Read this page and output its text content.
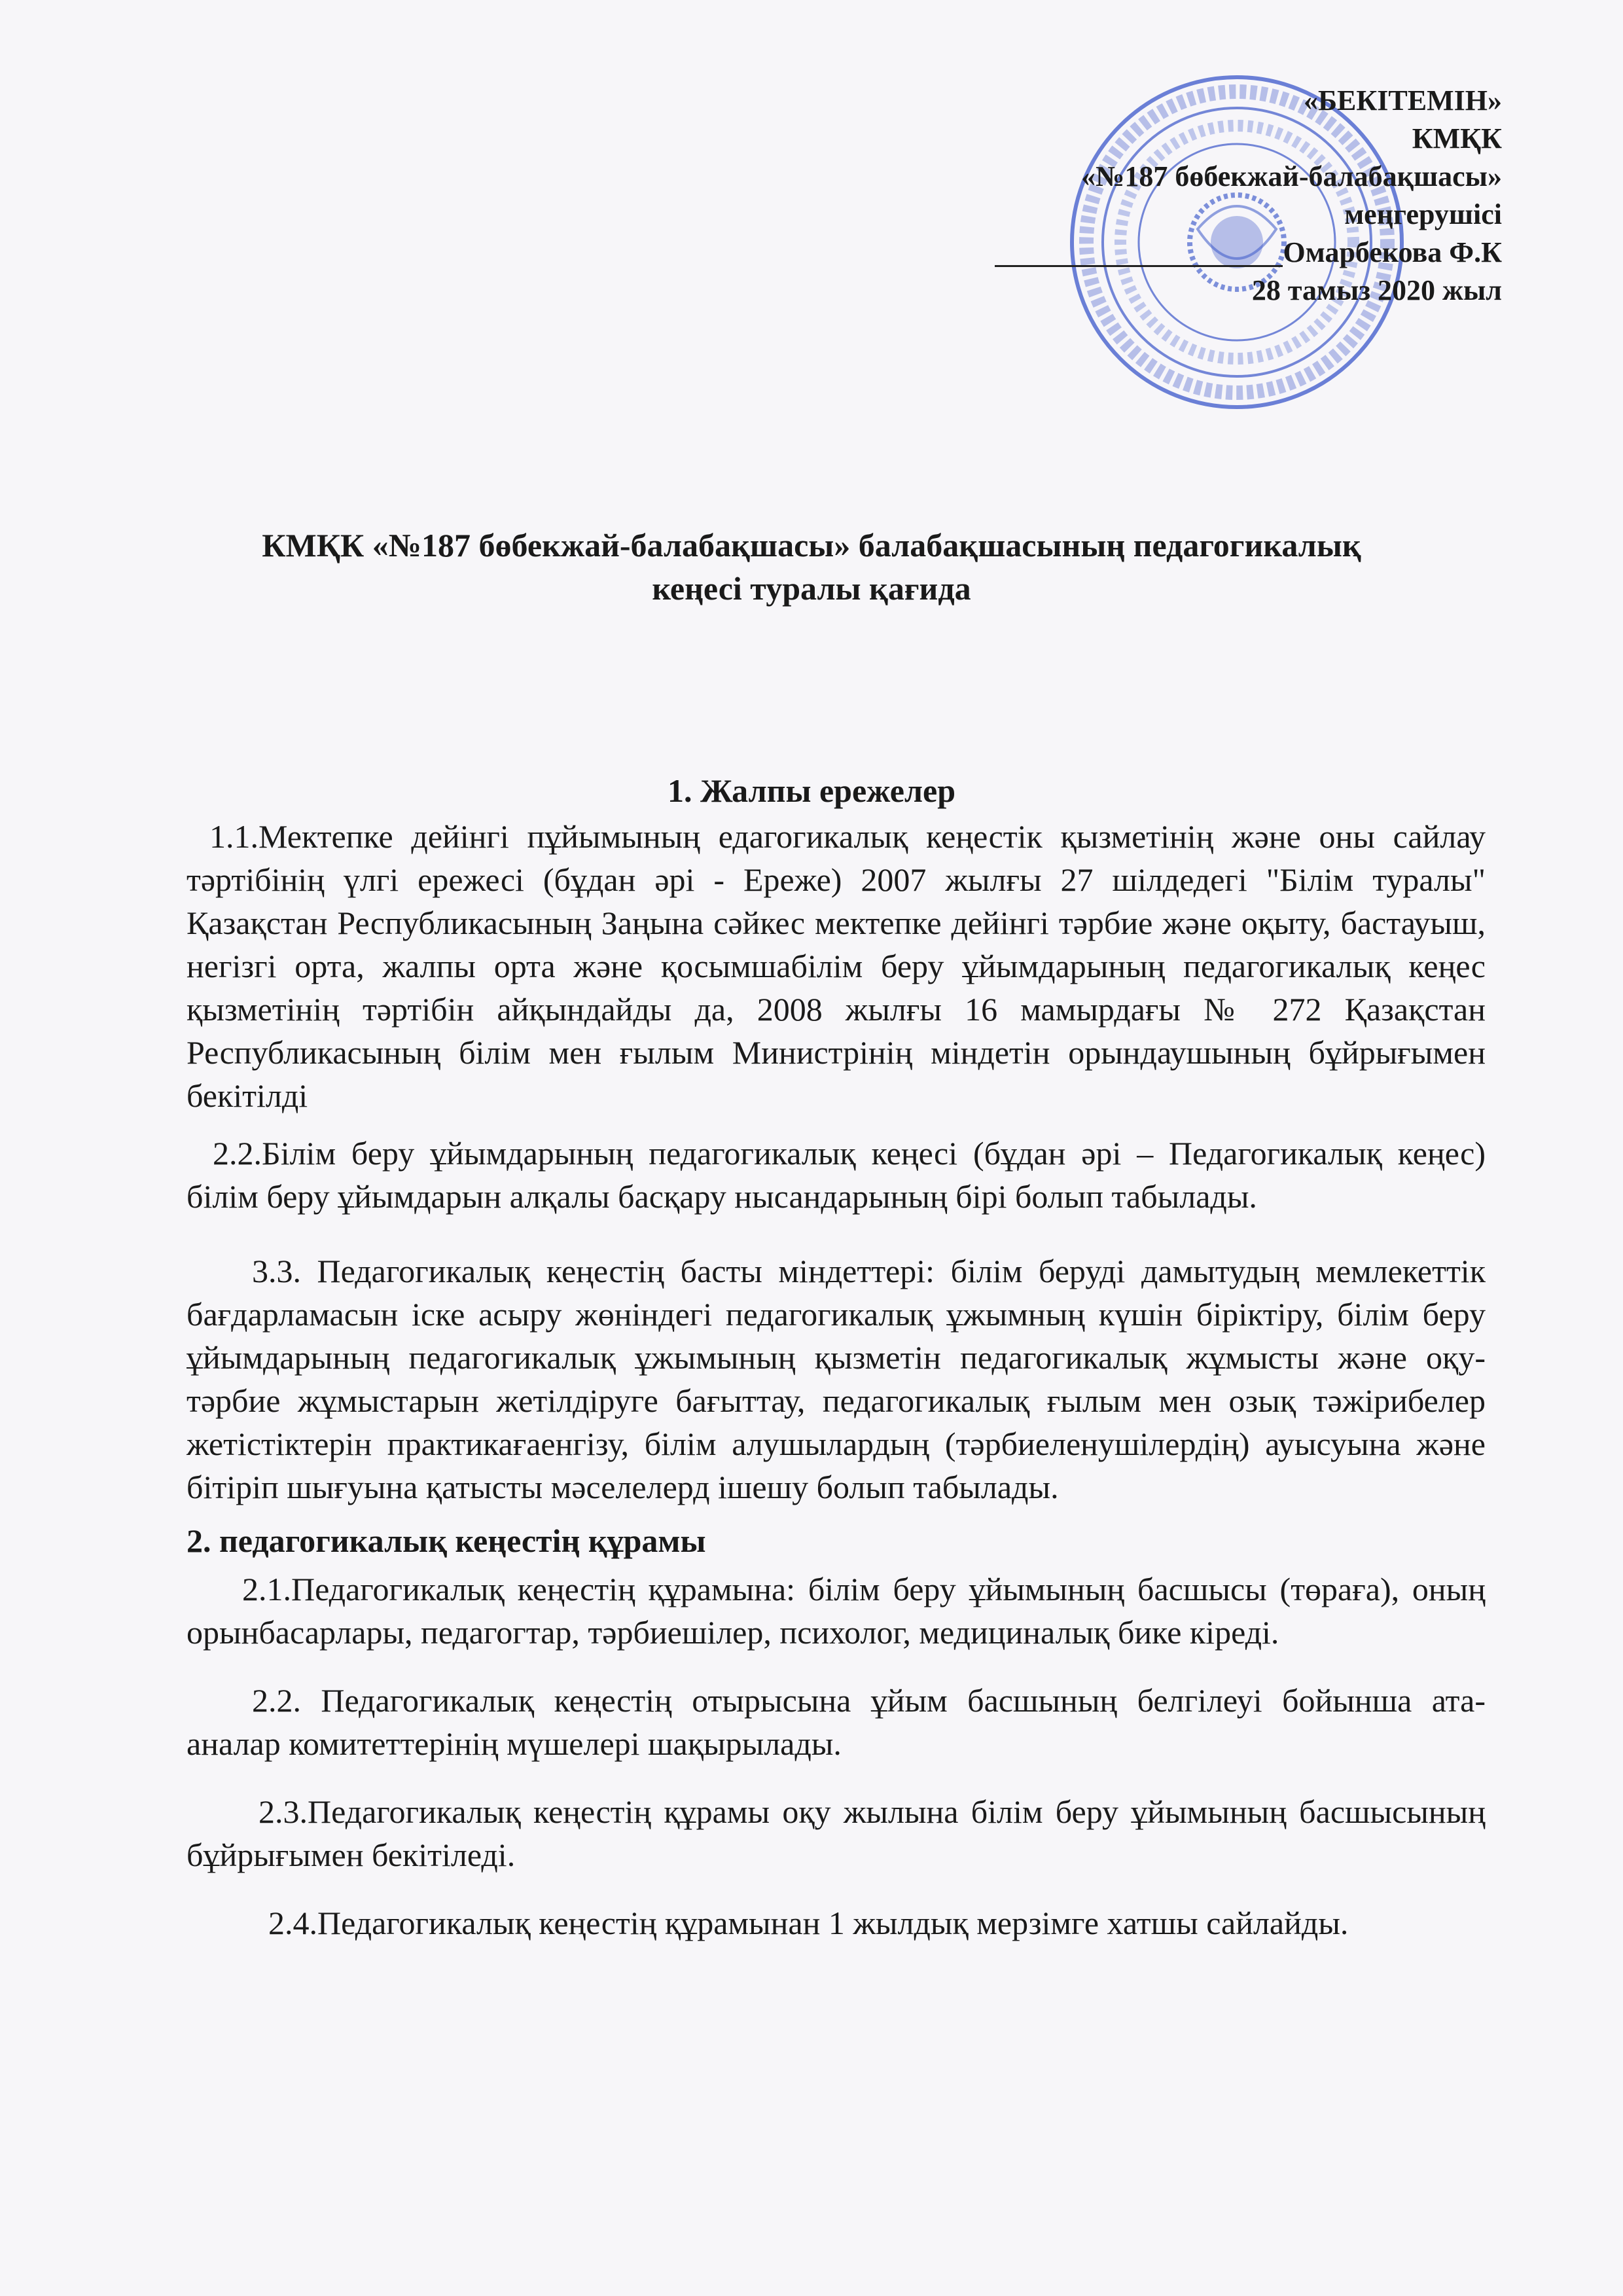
«БЕКІТЕМІН»
КМҚК
«№187 бөбекжай-балабақшасы»
меңгерушісі
Омарбекова Ф.К
28 тамыз 2020 жыл
КМҚК «№187 бөбекжай-балабақшасы» балабақшасының педагогикалық
кеңесі туралы қағида
1. Жалпы ережелер

1.1.Мектепке дейінгі пұйымының едагогикалық кеңестік қызметінің және оны сайлау тәртібінің үлгі ережесі (бұдан әрі - Ереже) 2007 жылғы 27 шілдедегі "Білім туралы" Қазақстан Республикасының Заңына сәйкес мектепке дейінгі тәрбие және оқыту, бастауыш, негізгі орта, жалпы орта және қосымшабілім беру ұйымдарының педагогикалық кеңес қызметінің тәртібін айқындайды да, 2008 жылғы 16 мамырдағы № 272 Қазақстан Республикасының білім мен ғылым Министрінің міндетін орындаушының бұйрығымен бекітілді

2.2.Білім беру ұйымдарының педагогикалық кеңесі (бұдан әрі – Педагогикалық кеңес) білім беру ұйымдарын алқалы басқару нысандарының бірі болып табылады.

3.3. Педагогикалық кеңестің басты міндеттері: білім беруді дамытудың мемлекеттік бағдарламасын іске асыру жөніндегі педагогикалық ұжымның күшін біріктіру, білім беру ұйымдарының педагогикалық ұжымының қызметін педагогикалық жұмысты және оқу-тәрбие жұмыстарын жетілдіруге бағыттау, педагогикалық ғылым мен озық тәжірибелер жетістіктерін практикағаенгізу, білім алушылардың (тәрбиеленушілердің) ауысуына және бітіріп шығуына қатысты мәселелерд ішешу болып табылады.

2. педагогикалық кеңестің құрамы

2.1.Педагогикалық кеңестің құрамына: білім беру ұйымының басшысы (төраға), оның орынбасарлары, педагогтар, тәрбиешілер, психолог, медициналық бике кіреді.

2.2. Педагогикалық кеңестің отырысына ұйым басшының белгілеуі бойынша ата-аналар комитеттерінің мүшелері шақырылады.

2.3.Педагогикалық кеңестің құрамы оқу жылына білім беру ұйымының басшысының бұйрығымен бекітіледі.

2.4.Педагогикалық кеңестің құрамынан 1 жылдық мерзімге хатшы сайлайды.
